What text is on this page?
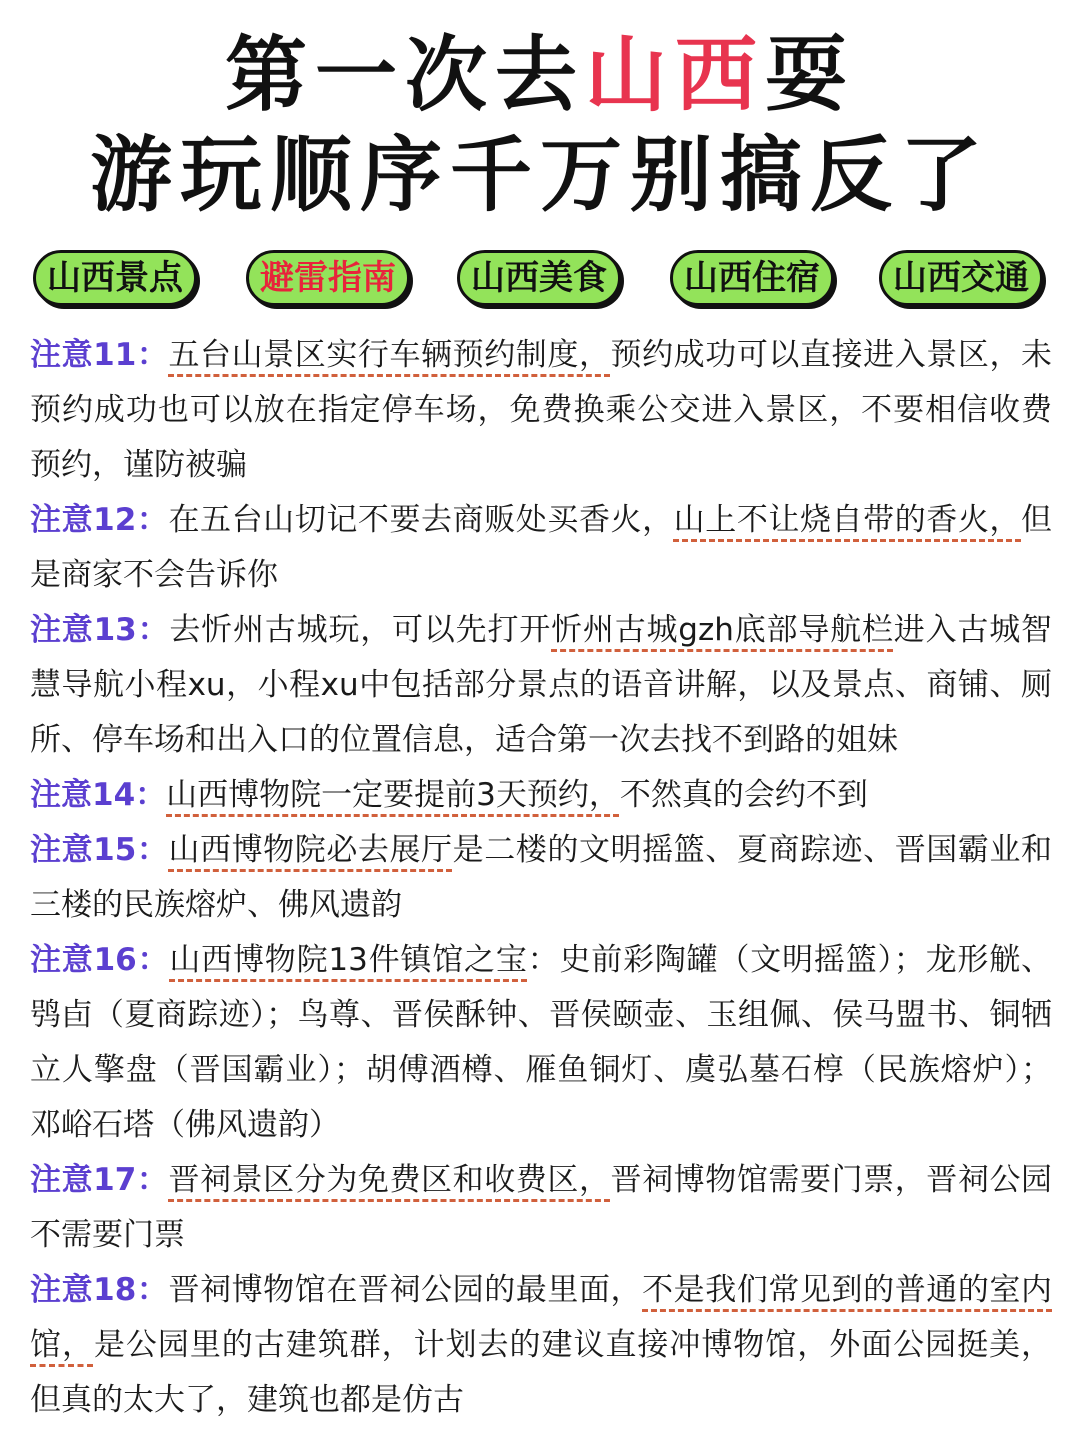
第一次去山西耍
游玩顺序千万别搞反了
山西景点	避雷指南	山西美食	山西住宿	山西交通

注意11：五台山景区实行车辆预约制度，预约成功可以直接进入景区，未预约成功也可以放在指定停车场，免费换乘公交进入景区，不要相信收费预约，谨防被骗

注意12：在五台山切记不要去商贩处买香火，山上不让烧自带的香火，但是商家不会告诉你

注意13：去忻州古城玩，可以先打开忻州古城gzh底部导航栏进入古城智慧导航小程xu，小程xu中包括部分景点的语音讲解，以及景点、商铺、厕所、停车场和出入口的位置信息，适合第一次去找不到路的姐妹

注意14：山西博物院一定要提前3天预约，不然真的会约不到

注意15：山西博物院必去展厅是二楼的文明摇篮、夏商踪迹、晋国霸业和三楼的民族熔炉、佛风遗韵

注意16：山西博物院13件镇馆之宝：史前彩陶罐（文明摇篮）；龙形觥、鸮卣（夏商踪迹）；鸟尊、晋侯酥钟、晋侯颐壶、玉组佩、侯马盟书、铜牺立人擎盘（晋国霸业）；胡傅酒樽、雁鱼铜灯、虞弘墓石椁（民族熔炉）；邓峪石塔（佛风遗韵）

注意17：晋祠景区分为免费区和收费区，晋祠博物馆需要门票，晋祠公园不需要门票

注意18：晋祠博物馆在晋祠公园的最里面，不是我们常见到的普通的室内馆，是公园里的古建筑群，计划去的建议直接冲博物馆，外面公园挺美，但真的太大了，建筑也都是仿古
